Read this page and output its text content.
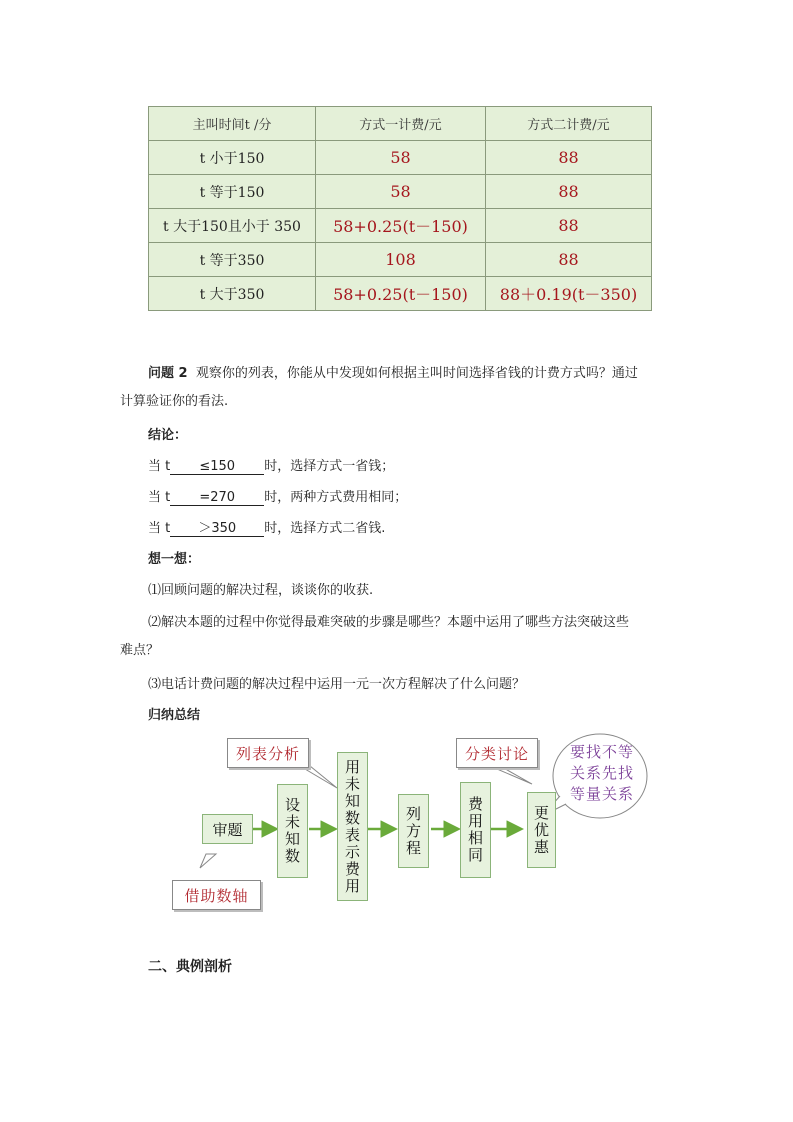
主叫时间t /分	方式一计费/元	方式二计费/元
t 小于150	58	88
t 等于150	58	88
t 大于150且小于 350	58+0.25(t－150)	88
t 等于350	108	88
t 大于350	58+0.25(t－150)	88＋0.19(t－350)
问题 2 观察你的列表，你能从中发现如何根据主叫时间选择省钱的计费方式吗？通过
计算验证你的看法.
结论：
当 t ≤150 时，选择方式一省钱；
当 t =270 时，两种方式费用相同；
当 t ＞350 时，选择方式二省钱.
想一想：
⑴回顾问题的解决过程，谈谈你的收获.
⑵解决本题的过程中你觉得最难突破的步骤是哪些？本题中运用了哪些方法突破这些
难点？
⑶电话计费问题的解决过程中运用一元一次方程解决了什么问题？
归纳总结
审题	设未知数	用未知数表示费用	列方程	费用相同	更优惠
列表分析
借助数轴
分类讨论	要找不等
关系先找
等量关系
二、典例剖析
